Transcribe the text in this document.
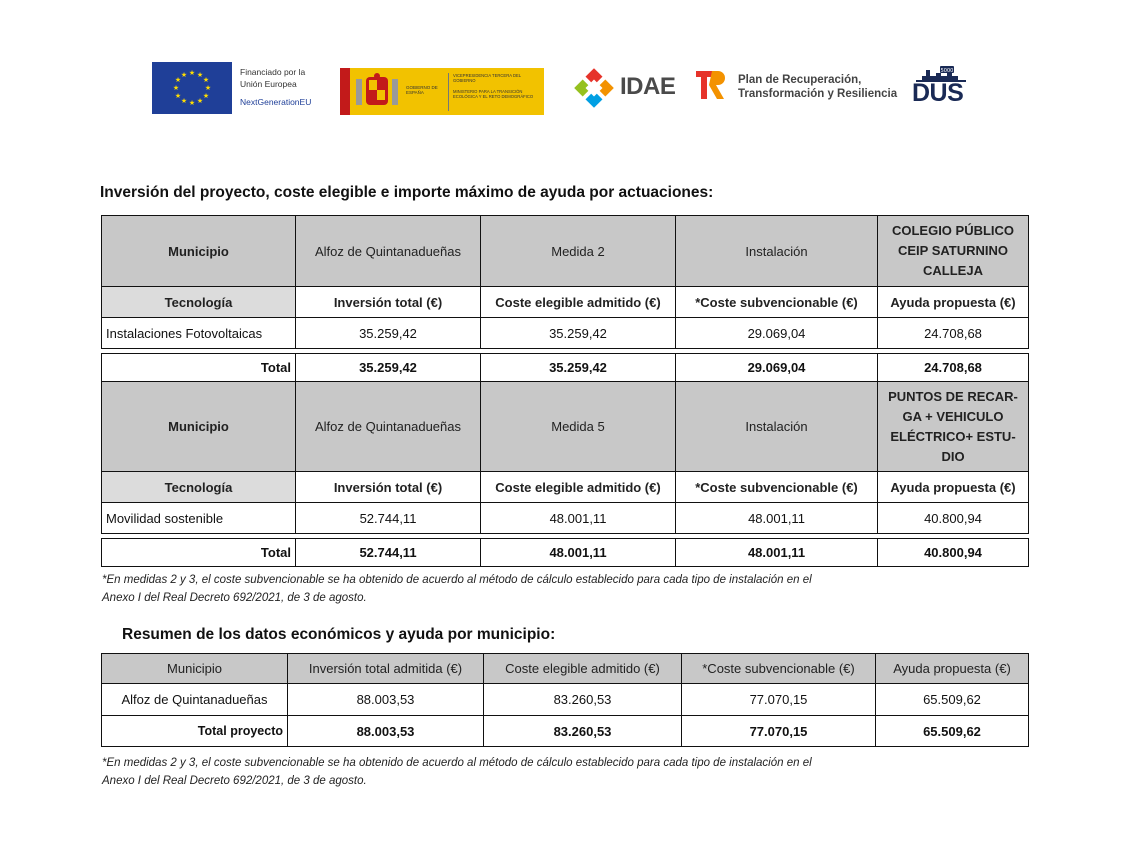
★ ★
★
★
★
★
★
★
★
★
★
★	Financiado por la
Unión Europea
NextGenerationEU
GOBIERNO DE ESPAÑA
VICEPRESIDENCIA TERCERA DEL GOBIERNO
MINISTERIO PARA LA TRANSICIÓN ECOLÓGICA Y EL RETO DEMOGRÁFICO	IDAE	Plan de Recuperación,
Transformación y Resiliencia
5000
DUS
Inversión del proyecto, coste elegible e importe máximo de ayuda por actuaciones:
Municipio	Alfoz de Quintanadueñas	Medida 2	Instalación	COLEGIO PÚBLICO CEIP SATURNINO CALLEJA
Tecnología	Inversión total (€)	Coste elegible admitido (€)	*Coste subvencionable (€)	Ayuda propuesta (€)
Instalaciones Fotovoltaicas	35.259,42	35.259,42	29.069,04	24.708,68

Total	35.259,42	35.259,42	29.069,04	24.708,68
Municipio	Alfoz de Quintanadueñas	Medida 5	Instalación	PUNTOS DE RECAR-GA + VEHICULO ELÉCTRICO+ ESTU-DIO
Tecnología	Inversión total (€)	Coste elegible admitido (€)	*Coste subvencionable (€)	Ayuda propuesta (€)
Movilidad sostenible	52.744,11	48.001,11	48.001,11	40.800,94

Total	52.744,11	48.001,11	48.001,11	40.800,94
*En medidas 2 y 3, el coste subvencionable se ha obtenido de acuerdo al método de cálculo establecido para cada tipo de instalación en el
Anexo I del Real Decreto 692/2021, de 3 de agosto.
Resumen de los datos económicos y ayuda por municipio:
Municipio	Inversión total admitida (€)	Coste elegible admitido (€)	*Coste subvencionable (€)	Ayuda propuesta (€)
Alfoz de Quintanadueñas	88.003,53	83.260,53	77.070,15	65.509,62
Total proyecto	88.003,53	83.260,53	77.070,15	65.509,62
*En medidas 2 y 3, el coste subvencionable se ha obtenido de acuerdo al método de cálculo establecido para cada tipo de instalación en el
Anexo I del Real Decreto 692/2021, de 3 de agosto.
